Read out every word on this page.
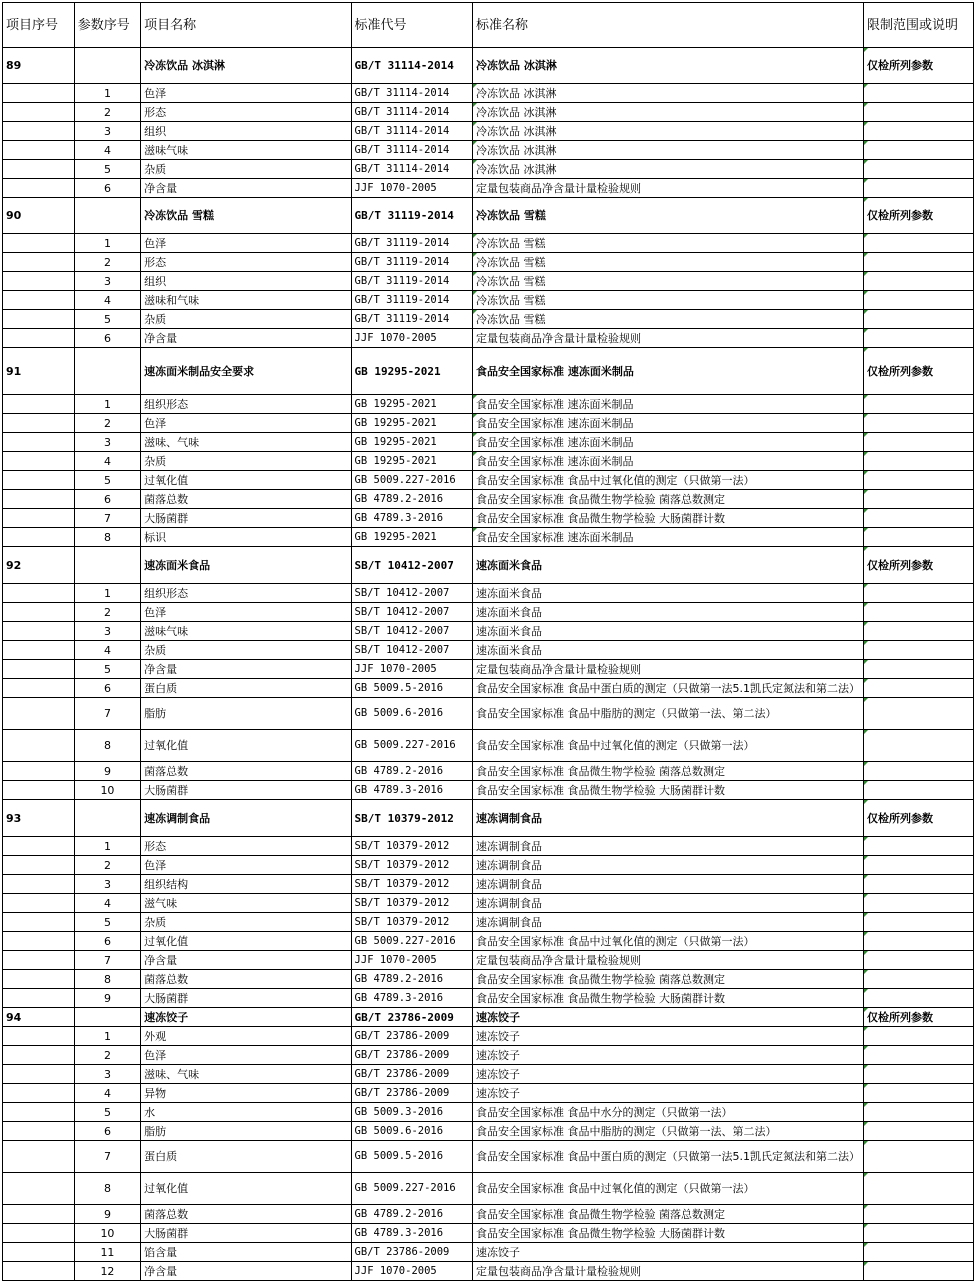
项目序号	参数序号	项目名称	标准代号	标准名称	限制范围或说明
89		冷冻饮品 冰淇淋	GB/T 31114-2014	冷冻饮品 冰淇淋	仅检所列参数
	1	色泽	GB/T 31114-2014	冷冻饮品 冰淇淋	
	2	形态	GB/T 31114-2014	冷冻饮品 冰淇淋	
	3	组织	GB/T 31114-2014	冷冻饮品 冰淇淋	
	4	滋味气味	GB/T 31114-2014	冷冻饮品 冰淇淋	
	5	杂质	GB/T 31114-2014	冷冻饮品 冰淇淋	
	6	净含量	JJF 1070-2005	定量包装商品净含量计量检验规则	
90		冷冻饮品 雪糕	GB/T 31119-2014	冷冻饮品 雪糕	仅检所列参数
	1	色泽	GB/T 31119-2014	冷冻饮品 雪糕	
	2	形态	GB/T 31119-2014	冷冻饮品 雪糕	
	3	组织	GB/T 31119-2014	冷冻饮品 雪糕	
	4	滋味和气味	GB/T 31119-2014	冷冻饮品 雪糕	
	5	杂质	GB/T 31119-2014	冷冻饮品 雪糕	
	6	净含量	JJF 1070-2005	定量包装商品净含量计量检验规则	
91		速冻面米制品安全要求	GB 19295-2021	食品安全国家标准 速冻面米制品	仅检所列参数
	1	组织形态	GB 19295-2021	食品安全国家标准 速冻面米制品	
	2	色泽	GB 19295-2021	食品安全国家标准 速冻面米制品	
	3	滋味、气味	GB 19295-2021	食品安全国家标准 速冻面米制品	
	4	杂质	GB 19295-2021	食品安全国家标准 速冻面米制品	
	5	过氧化值	GB 5009.227-2016	食品安全国家标准 食品中过氧化值的测定（只做第一法）	
	6	菌落总数	GB 4789.2-2016	食品安全国家标准 食品微生物学检验 菌落总数测定	
	7	大肠菌群	GB 4789.3-2016	食品安全国家标准 食品微生物学检验 大肠菌群计数	
	8	标识	GB 19295-2021	食品安全国家标准 速冻面米制品	
92		速冻面米食品	SB/T 10412-2007	速冻面米食品	仅检所列参数
	1	组织形态	SB/T 10412-2007	速冻面米食品	
	2	色泽	SB/T 10412-2007	速冻面米食品	
	3	滋味气味	SB/T 10412-2007	速冻面米食品	
	4	杂质	SB/T 10412-2007	速冻面米食品	
	5	净含量	JJF 1070-2005	定量包装商品净含量计量检验规则	
	6	蛋白质	GB 5009.5-2016	食品安全国家标准 食品中蛋白质的测定（只做第一法5.1凯氏定氮法和第二法）	
	7	脂肪	GB 5009.6-2016	食品安全国家标准 食品中脂肪的测定（只做第一法、第二法）	
	8	过氧化值	GB 5009.227-2016	食品安全国家标准 食品中过氧化值的测定（只做第一法）	
	9	菌落总数	GB 4789.2-2016	食品安全国家标准 食品微生物学检验 菌落总数测定	
	10	大肠菌群	GB 4789.3-2016	食品安全国家标准 食品微生物学检验 大肠菌群计数	
93		速冻调制食品	SB/T 10379-2012	速冻调制食品	仅检所列参数
	1	形态	SB/T 10379-2012	速冻调制食品	
	2	色泽	SB/T 10379-2012	速冻调制食品	
	3	组织结构	SB/T 10379-2012	速冻调制食品	
	4	滋气味	SB/T 10379-2012	速冻调制食品	
	5	杂质	SB/T 10379-2012	速冻调制食品	
	6	过氧化值	GB 5009.227-2016	食品安全国家标准 食品中过氧化值的测定（只做第一法）	
	7	净含量	JJF 1070-2005	定量包装商品净含量计量检验规则	
	8	菌落总数	GB 4789.2-2016	食品安全国家标准 食品微生物学检验 菌落总数测定	
	9	大肠菌群	GB 4789.3-2016	食品安全国家标准 食品微生物学检验 大肠菌群计数	
94		速冻饺子	GB/T 23786-2009	速冻饺子	仅检所列参数
	1	外观	GB/T 23786-2009	速冻饺子	
	2	色泽	GB/T 23786-2009	速冻饺子	
	3	滋味、气味	GB/T 23786-2009	速冻饺子	
	4	异物	GB/T 23786-2009	速冻饺子	
	5	水	GB 5009.3-2016	食品安全国家标准 食品中水分的测定（只做第一法）	
	6	脂肪	GB 5009.6-2016	食品安全国家标准 食品中脂肪的测定（只做第一法、第二法）	
	7	蛋白质	GB 5009.5-2016	食品安全国家标准 食品中蛋白质的测定（只做第一法5.1凯氏定氮法和第二法）	
	8	过氧化值	GB 5009.227-2016	食品安全国家标准 食品中过氧化值的测定（只做第一法）	
	9	菌落总数	GB 4789.2-2016	食品安全国家标准 食品微生物学检验 菌落总数测定	
	10	大肠菌群	GB 4789.3-2016	食品安全国家标准 食品微生物学检验 大肠菌群计数	
	11	馅含量	GB/T 23786-2009	速冻饺子	
	12	净含量	JJF 1070-2005	定量包装商品净含量计量检验规则	
